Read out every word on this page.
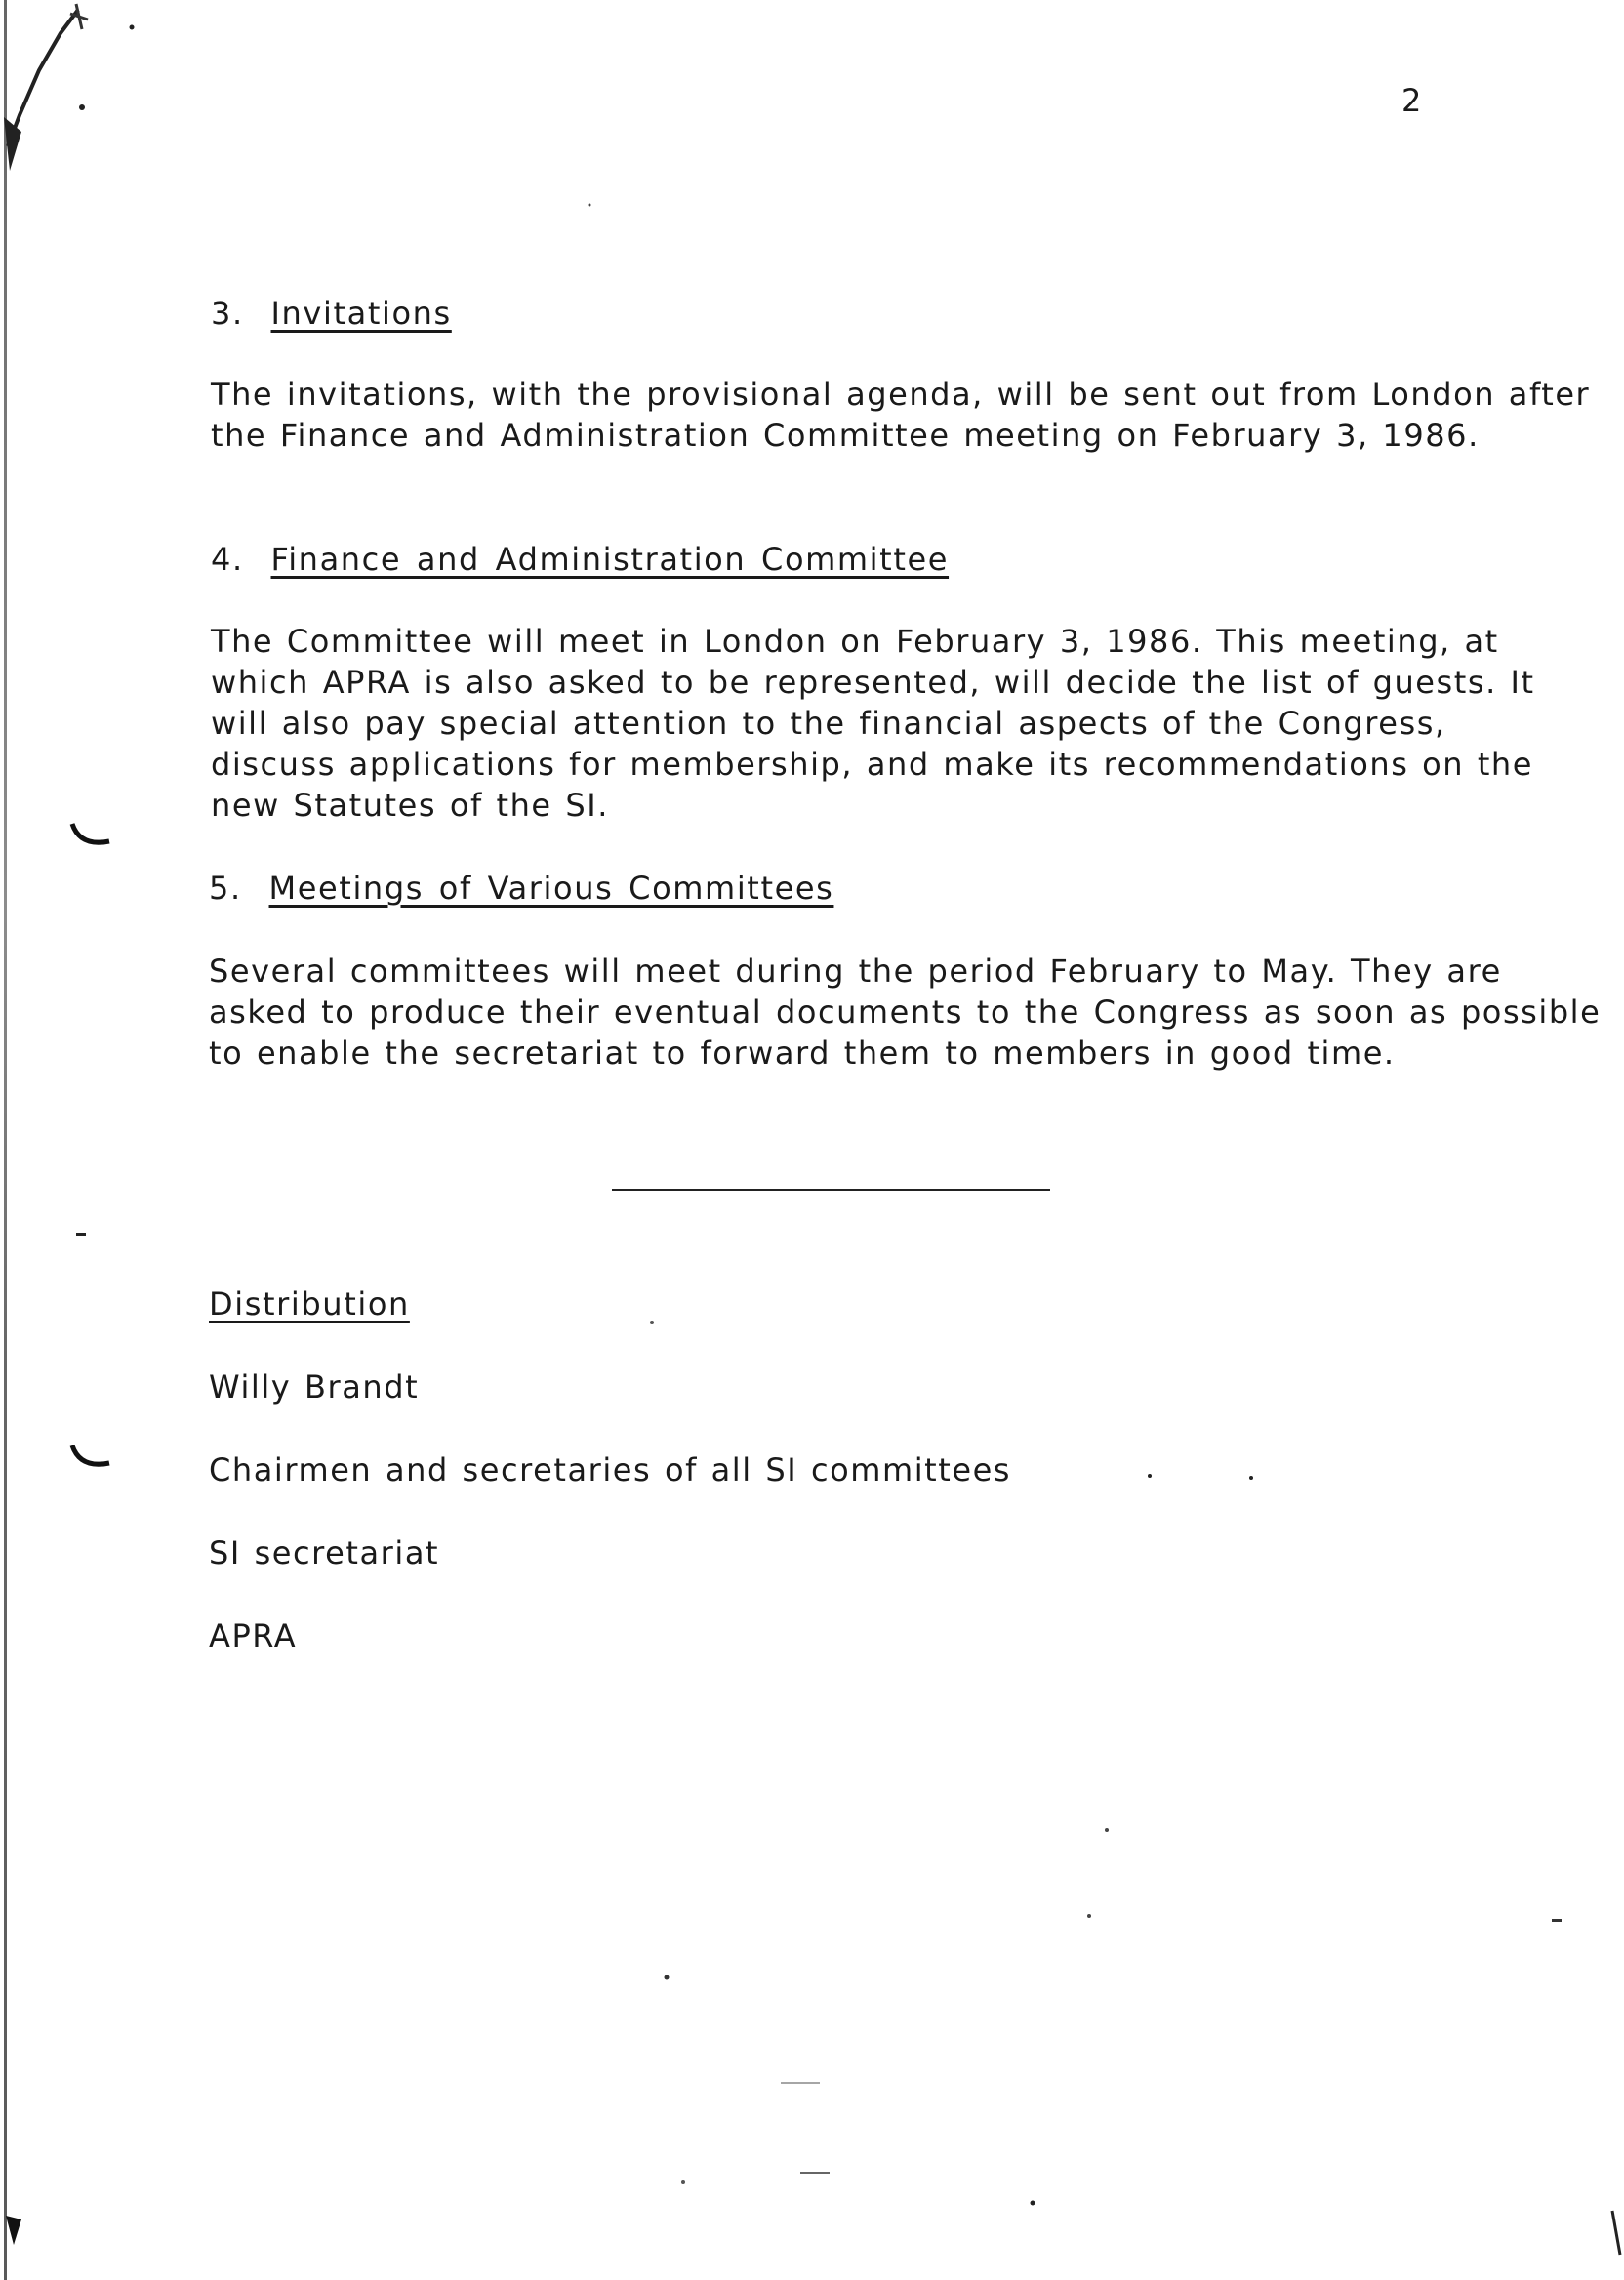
2
3. Invitations
The invitations, with the provisional agenda, will be sent out from London after
the Finance and Administration Committee meeting on February 3, 1986.
4. Finance and Administration Committee
The Committee will meet in London on February 3, 1986. This meeting, at
which APRA is also asked to be represented, will decide the list of guests. It
will also pay special attention to the financial aspects of the Congress,
discuss applications for membership, and make its recommendations on the
new Statutes of the SI.
5. Meetings of Various Committees
Several committees will meet during the period February to May. They are
asked to produce their eventual documents to the Congress as soon as possible
to enable the secretariat to forward them to members in good time.
Distribution
Willy Brandt
Chairmen and secretaries of all SI committees
SI secretariat
APRA
